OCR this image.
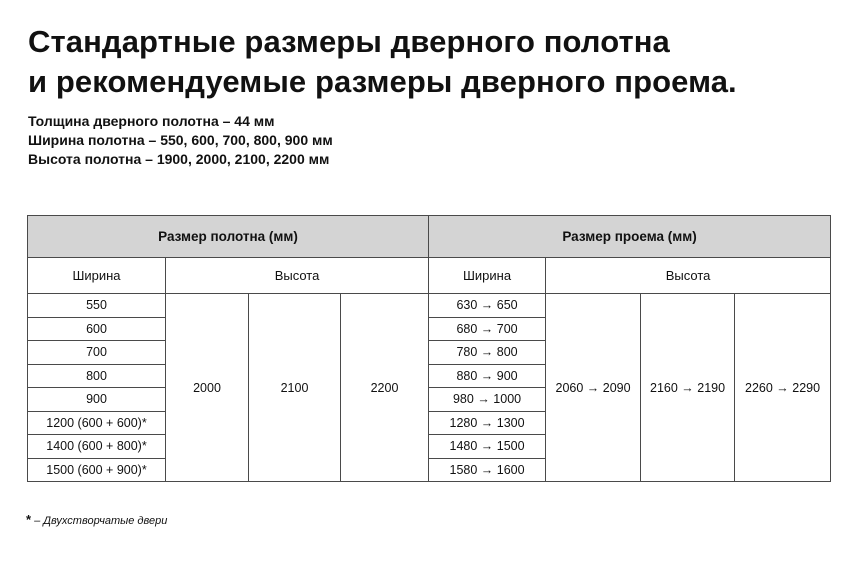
Стандартные размеры дверного полотна
и рекомендуемые размеры дверного проема.
Толщина дверного полотна – 44 мм
Ширина полотна – 550, 600, 700, 800, 900 мм
Высота полотна – 1900, 2000, 2100, 2200 мм
Размер полотна (мм)				Размер проема (мм)			
Ширина	Высота			Ширина	Высота		
550	2000	2100	2200	630 → 650	2060 → 2090	2160 → 2190	2260 → 2290
600				680 → 700			
700				780 → 800			
800				880 → 900			
900				980 → 1000			
1200 (600 + 600)*				1280 → 1300			
1400 (600 + 800)*				1480 → 1500			
1500 (600 + 900)*				1580 → 1600			
* – Двухстворчатые двери
